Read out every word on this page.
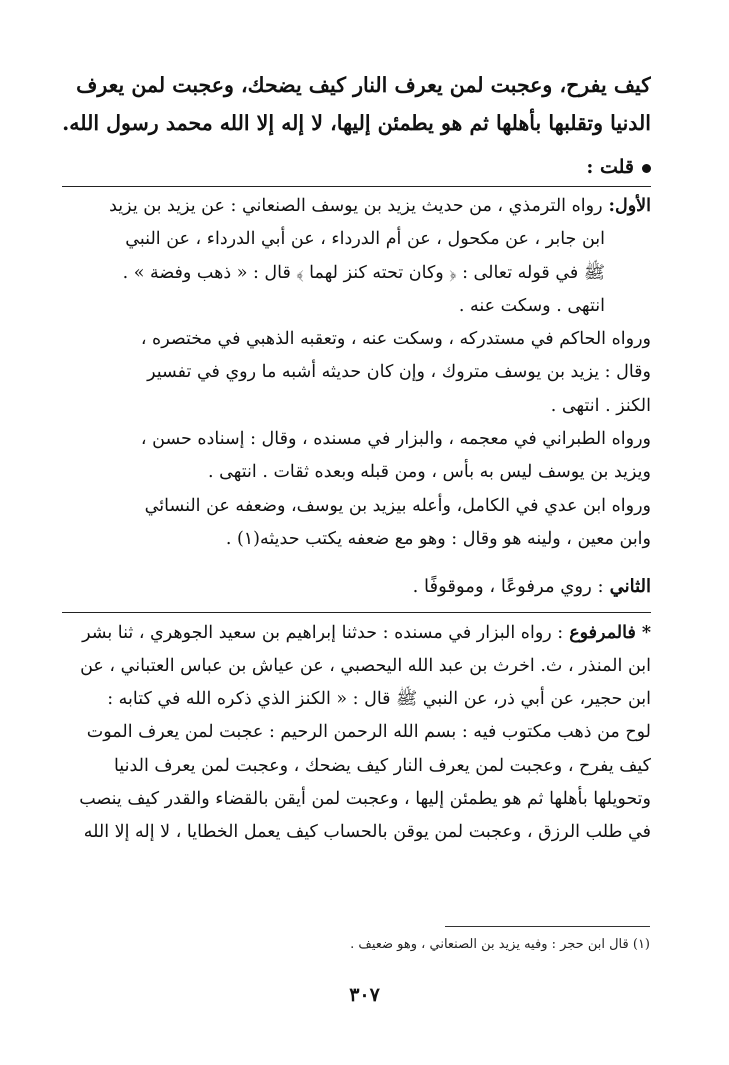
كيف يفرح، وعجبت لمن يعرف النار كيف يضحك، وعجبت لمن يعرف
الدنيا وتقلبها بأهلها ثم هو يطمئن إليها، لا إله إلا الله محمد رسول الله.
قلت :
الأول:رواه الترمذي ، من حديث يزيد بن يوسف الصنعاني : عن يزيد بن يزيد
ابن جابر ، عن مكحول ، عن أم الدرداء ، عن أبي الدرداء ، عن النبي
ﷺ في قوله تعالى : ﴿ وكان تحته كنز لهما ﴾ قال : « ذهب وفضة » .
انتهى . وسكت عنه .
ورواه الحاكم في مستدركه ، وسكت عنه ، وتعقبه الذهبي في مختصره ،
وقال : يزيد بن يوسف متروك ، وإن كان حديثه أشبه ما روي في تفسير
الكنز . انتهى .
ورواه الطبراني في معجمه ، والبزار في مسنده ، وقال : إسناده حسن ،
ويزيد بن يوسف ليس به بأس ، ومن قبله وبعده ثقات . انتهى .
ورواه ابن عدي في الكامل، وأعله بيزيد بن يوسف، وضعفه عن النسائي
وابن معين ، ولينه هو وقال : وهو مع ضعفه يكتب حديثه(١) .
الثاني: روي مرفوعًا ، وموقوفًا .
*فالمرفوع: رواه البزار في مسنده : حدثنا إبراهيم بن سعيد الجوهري ، ثنا بشر
ابن المنذر ، ث. اخرث بن عبد الله اليحصبي ، عن عياش بن عباس العتباني ، عن
ابن حجير، عن أبي ذر، عن النبي ﷺ قال : « الكنز الذي ذكره الله في كتابه :
لوح من ذهب مكتوب فيه : بسم الله الرحمن الرحيم : عجبت لمن يعرف الموت
كيف يفرح ، وعجبت لمن يعرف النار كيف يضحك ، وعجبت لمن يعرف الدنيا
وتحويلها بأهلها ثم هو يطمئن إليها ، وعجبت لمن أيقن بالقضاء والقدر كيف ينصب
في طلب الرزق ، وعجبت لمن يوقن بالحساب كيف يعمل الخطايا ، لا إله إلا الله
(١) قال ابن حجر : وفيه يزيد بن الصنعاني ، وهو ضعيف .
٣٠٧
